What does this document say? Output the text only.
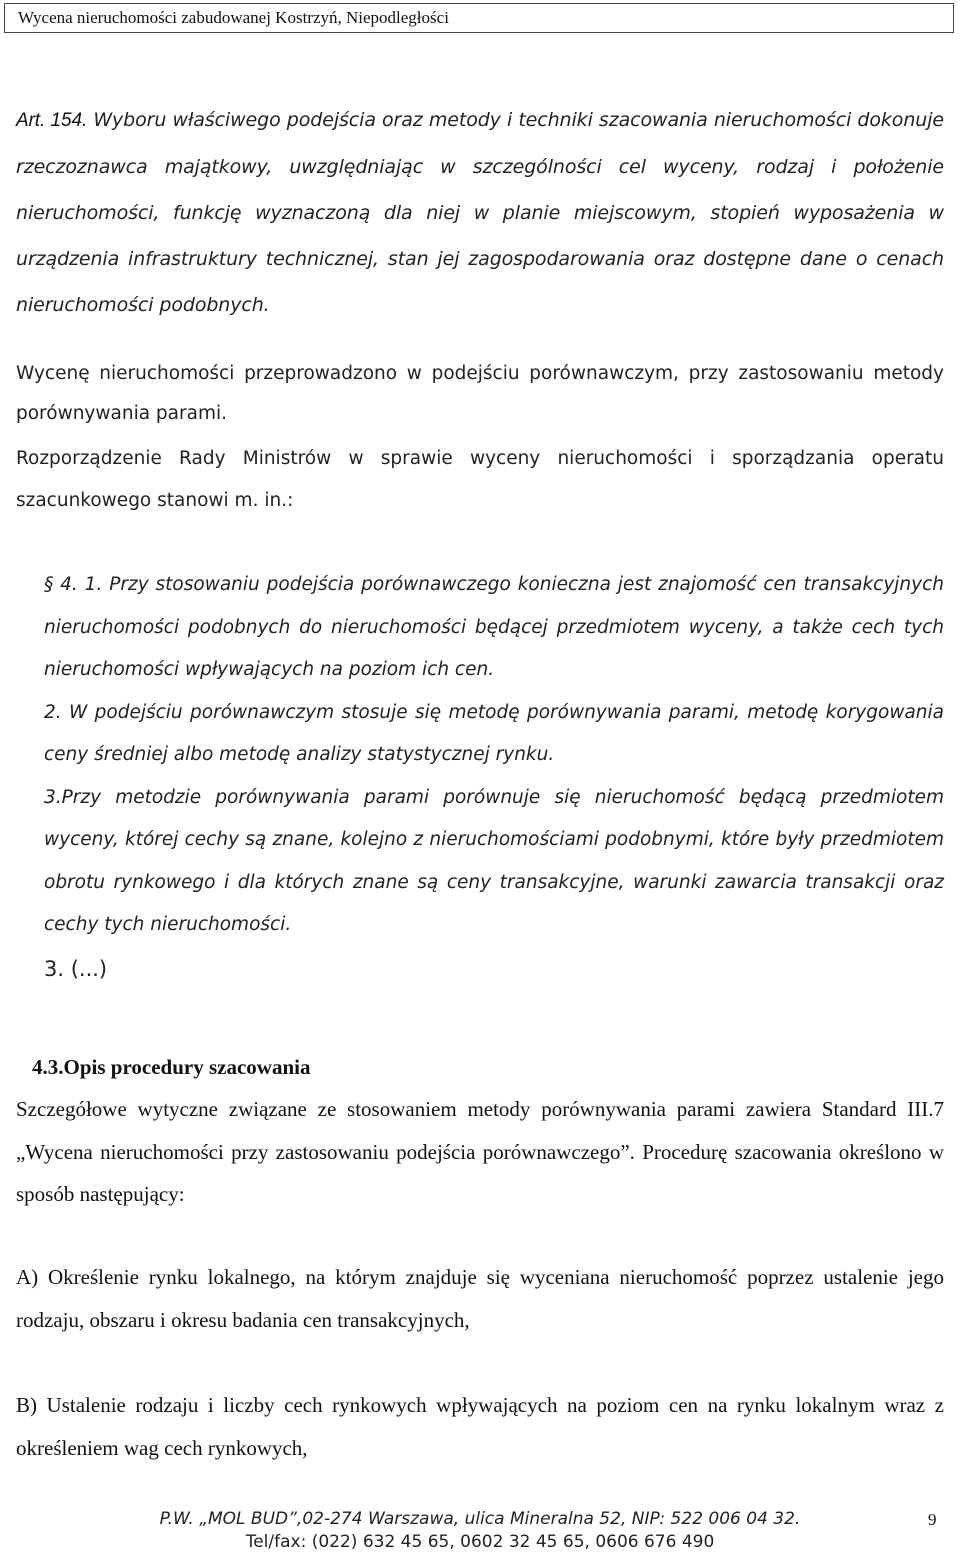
Wycena nieruchomości zabudowanej Kostrzyń, Niepodległości

Art. 154. Wyboru właściwego podejścia oraz metody i techniki szacowania nieruchomości dokonuje rzeczoznawca majątkowy, uwzględniając w szczególności cel wyceny, rodzaj i położenie nieruchomości, funkcję wyznaczoną dla niej w planie miejscowym, stopień wyposażenia w urządzenia infrastruktury technicznej, stan jej zagospodarowania oraz dostępne dane o cenach nieruchomości podobnych.

Wycenę nieruchomości przeprowadzono w podejściu porównawczym, przy zastosowaniu metody porównywania parami.

Rozporządzenie Rady Ministrów w sprawie wyceny nieruchomości i sporządzania operatu szacunkowego stanowi m. in.:

§ 4. 1. Przy stosowaniu podejścia porównawczego konieczna jest znajomość cen transakcyjnych nieruchomości podobnych do nieruchomości będącej przedmiotem wyceny, a także cech tych nieruchomości wpływających na poziom ich cen.
2. W podejściu porównawczym stosuje się metodę porównywania parami, metodę korygowania ceny średniej albo metodę analizy statystycznej rynku.
3.Przy metodzie porównywania parami porównuje się nieruchomość będącą przedmiotem wyceny, której cechy są znane, kolejno z nieruchomościami podobnymi, które były przedmiotem obrotu rynkowego i dla których znane są ceny transakcyjne, warunki zawarcia transakcji oraz cechy tych nieruchomości.

3. (...)

4.3.Opis procedury szacowania

Szczegółowe wytyczne związane ze stosowaniem metody porównywania parami zawiera Standard III.7 „Wycena nieruchomości przy zastosowaniu podejścia porównawczego”. Procedurę szacowania określono w sposób następujący:

A) Określenie rynku lokalnego, na którym znajduje się wyceniana nieruchomość poprzez ustalenie jego rodzaju, obszaru i okresu badania cen transakcyjnych,

B) Ustalenie rodzaju i liczby cech rynkowych wpływających na poziom cen na rynku lokalnym wraz z określeniem wag cech rynkowych,

P.W. „MOL BUD”,02-274 Warszawa, ulica Mineralna 52, NIP: 522 006 04 32.
Tel/fax: (022) 632 45 65, 0602 32 45 65, 0606 676 490
9
